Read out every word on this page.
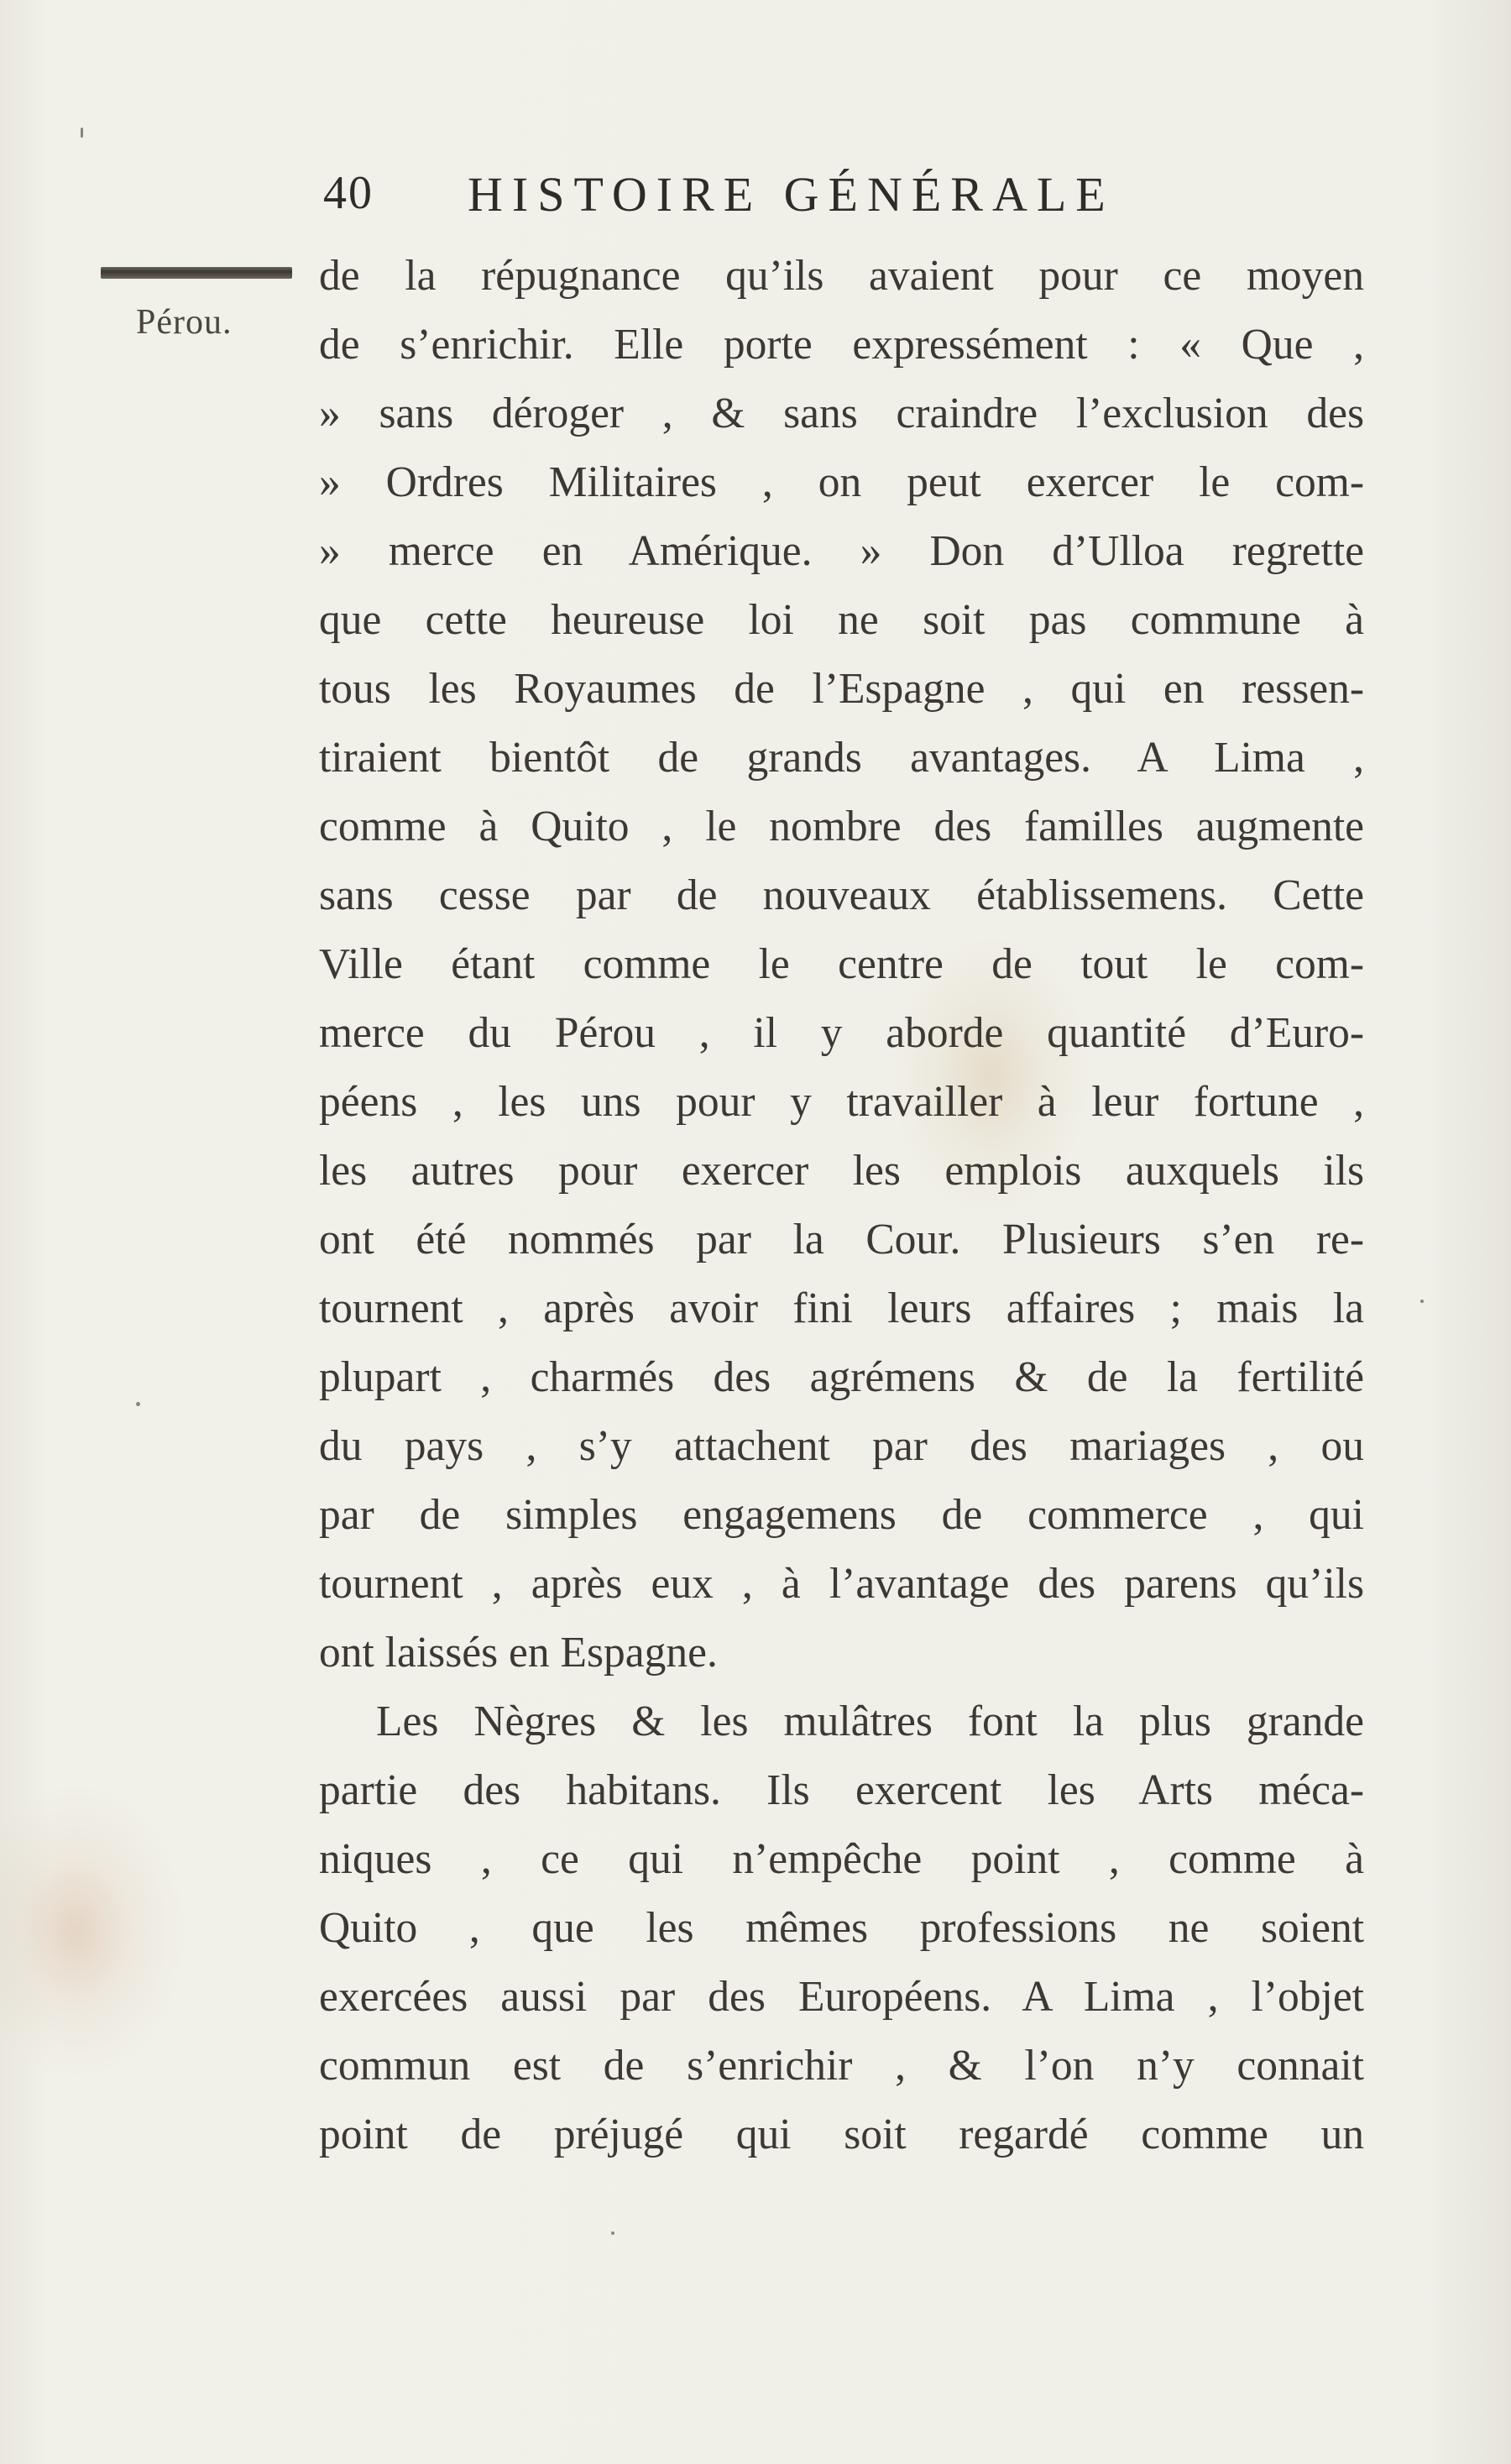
40 HISTOIRE GÉNÉRALE
Pérou.
de la répugnance qu’ils avaient pour ce moyen
de s’enrichir. Elle porte expressément : « Que ,
» sans déroger , & sans craindre l’exclusion des
» Ordres Militaires , on peut exercer le com-
» merce en Amérique. » Don d’Ulloa regrette
que cette heureuse loi ne soit pas commune à
tous les Royaumes de l’Espagne , qui en ressen-
tiraient bientôt de grands avantages. A Lima ,
comme à Quito , le nombre des familles augmente
sans cesse par de nouveaux établissemens. Cette
Ville étant comme le centre de tout le com-
merce du Pérou , il y aborde quantité d’Euro-
péens , les uns pour y travailler à leur fortune ,
les autres pour exercer les emplois auxquels ils
ont été nommés par la Cour. Plusieurs s’en re-
tournent , après avoir fini leurs affaires ; mais la
plupart , charmés des agrémens & de la fertilité
du pays , s’y attachent par des mariages , ou
par de simples engagemens de commerce , qui
tournent , après eux , à l’avantage des parens qu’ils
ont laissés en Espagne.
Les Nègres & les mulâtres font la plus grande
partie des habitans. Ils exercent les Arts méca-
niques , ce qui n’empêche point , comme à
Quito , que les mêmes professions ne soient
exercées aussi par des Européens. A Lima , l’objet
commun est de s’enrichir , & l’on n’y connait
point de préjugé qui soit regardé comme un
